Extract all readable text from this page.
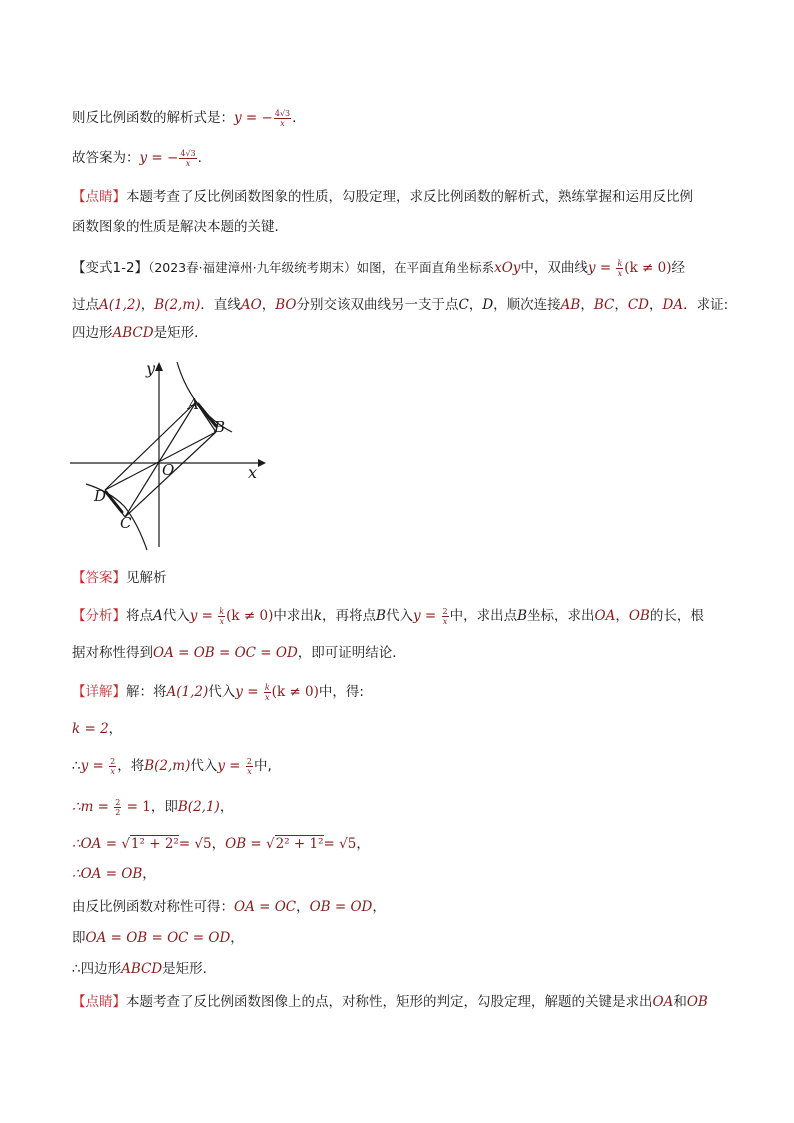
则反比例函数的解析式是：y = − $\frac{4√3}{x}$ .
故答案为：y = − $\frac{4√3}{x}$ .
【点睛】本题考查了反比例函数图象的性质，勾股定理，求反比例函数的解析式，熟练掌握和运用反比例
函数图象的性质是解决本题的关键．
【变式1-2】（2023春·福建漳州·九年级统考期末）如图，在平面直角坐标系xOy中，双曲线$y = \frac{k}{x} (k \ne 0)$经
过点A(1,2)，B(2,m)．直线AO，BO分别交该双曲线另一支于点C，D，顺次连接AB，BC，CD，DA．求证:
四边形ABCD是矩形．
y
x
A
B
O
D
C
【答案】见解析
【分析】将点A代入$y = \frac{k}{x} (k \ne 0)$中求出k，再将点B代入$y = \frac{2}{x}$ 中，求出点B坐标，求出OA，OB的长，根
据对称性得到OA = OB = OC = OD，即可证明结论．
【详解】解：将A(1,2)代入$y = \frac{k}{x} (k \ne 0)$中，得:
k = 2，
∴y = $\frac{2}{x}$ ，将B(2,m)代入$y = \frac{2}{x}$ 中,
∴m = $\frac{2}{2} = 1$，即B(2,1)，
∴OA = √1² + 2²= √5，OB = √2² + 1²= √5，
∴OA = OB，
由反比例函数对称性可得：OA = OC，OB = OD，
即OA = OB = OC = OD，
∴四边形ABCD是矩形．
【点睛】本题考查了反比例函数图像上的点，对称性，矩形的判定，勾股定理，解题的关键是求出OA和OB
